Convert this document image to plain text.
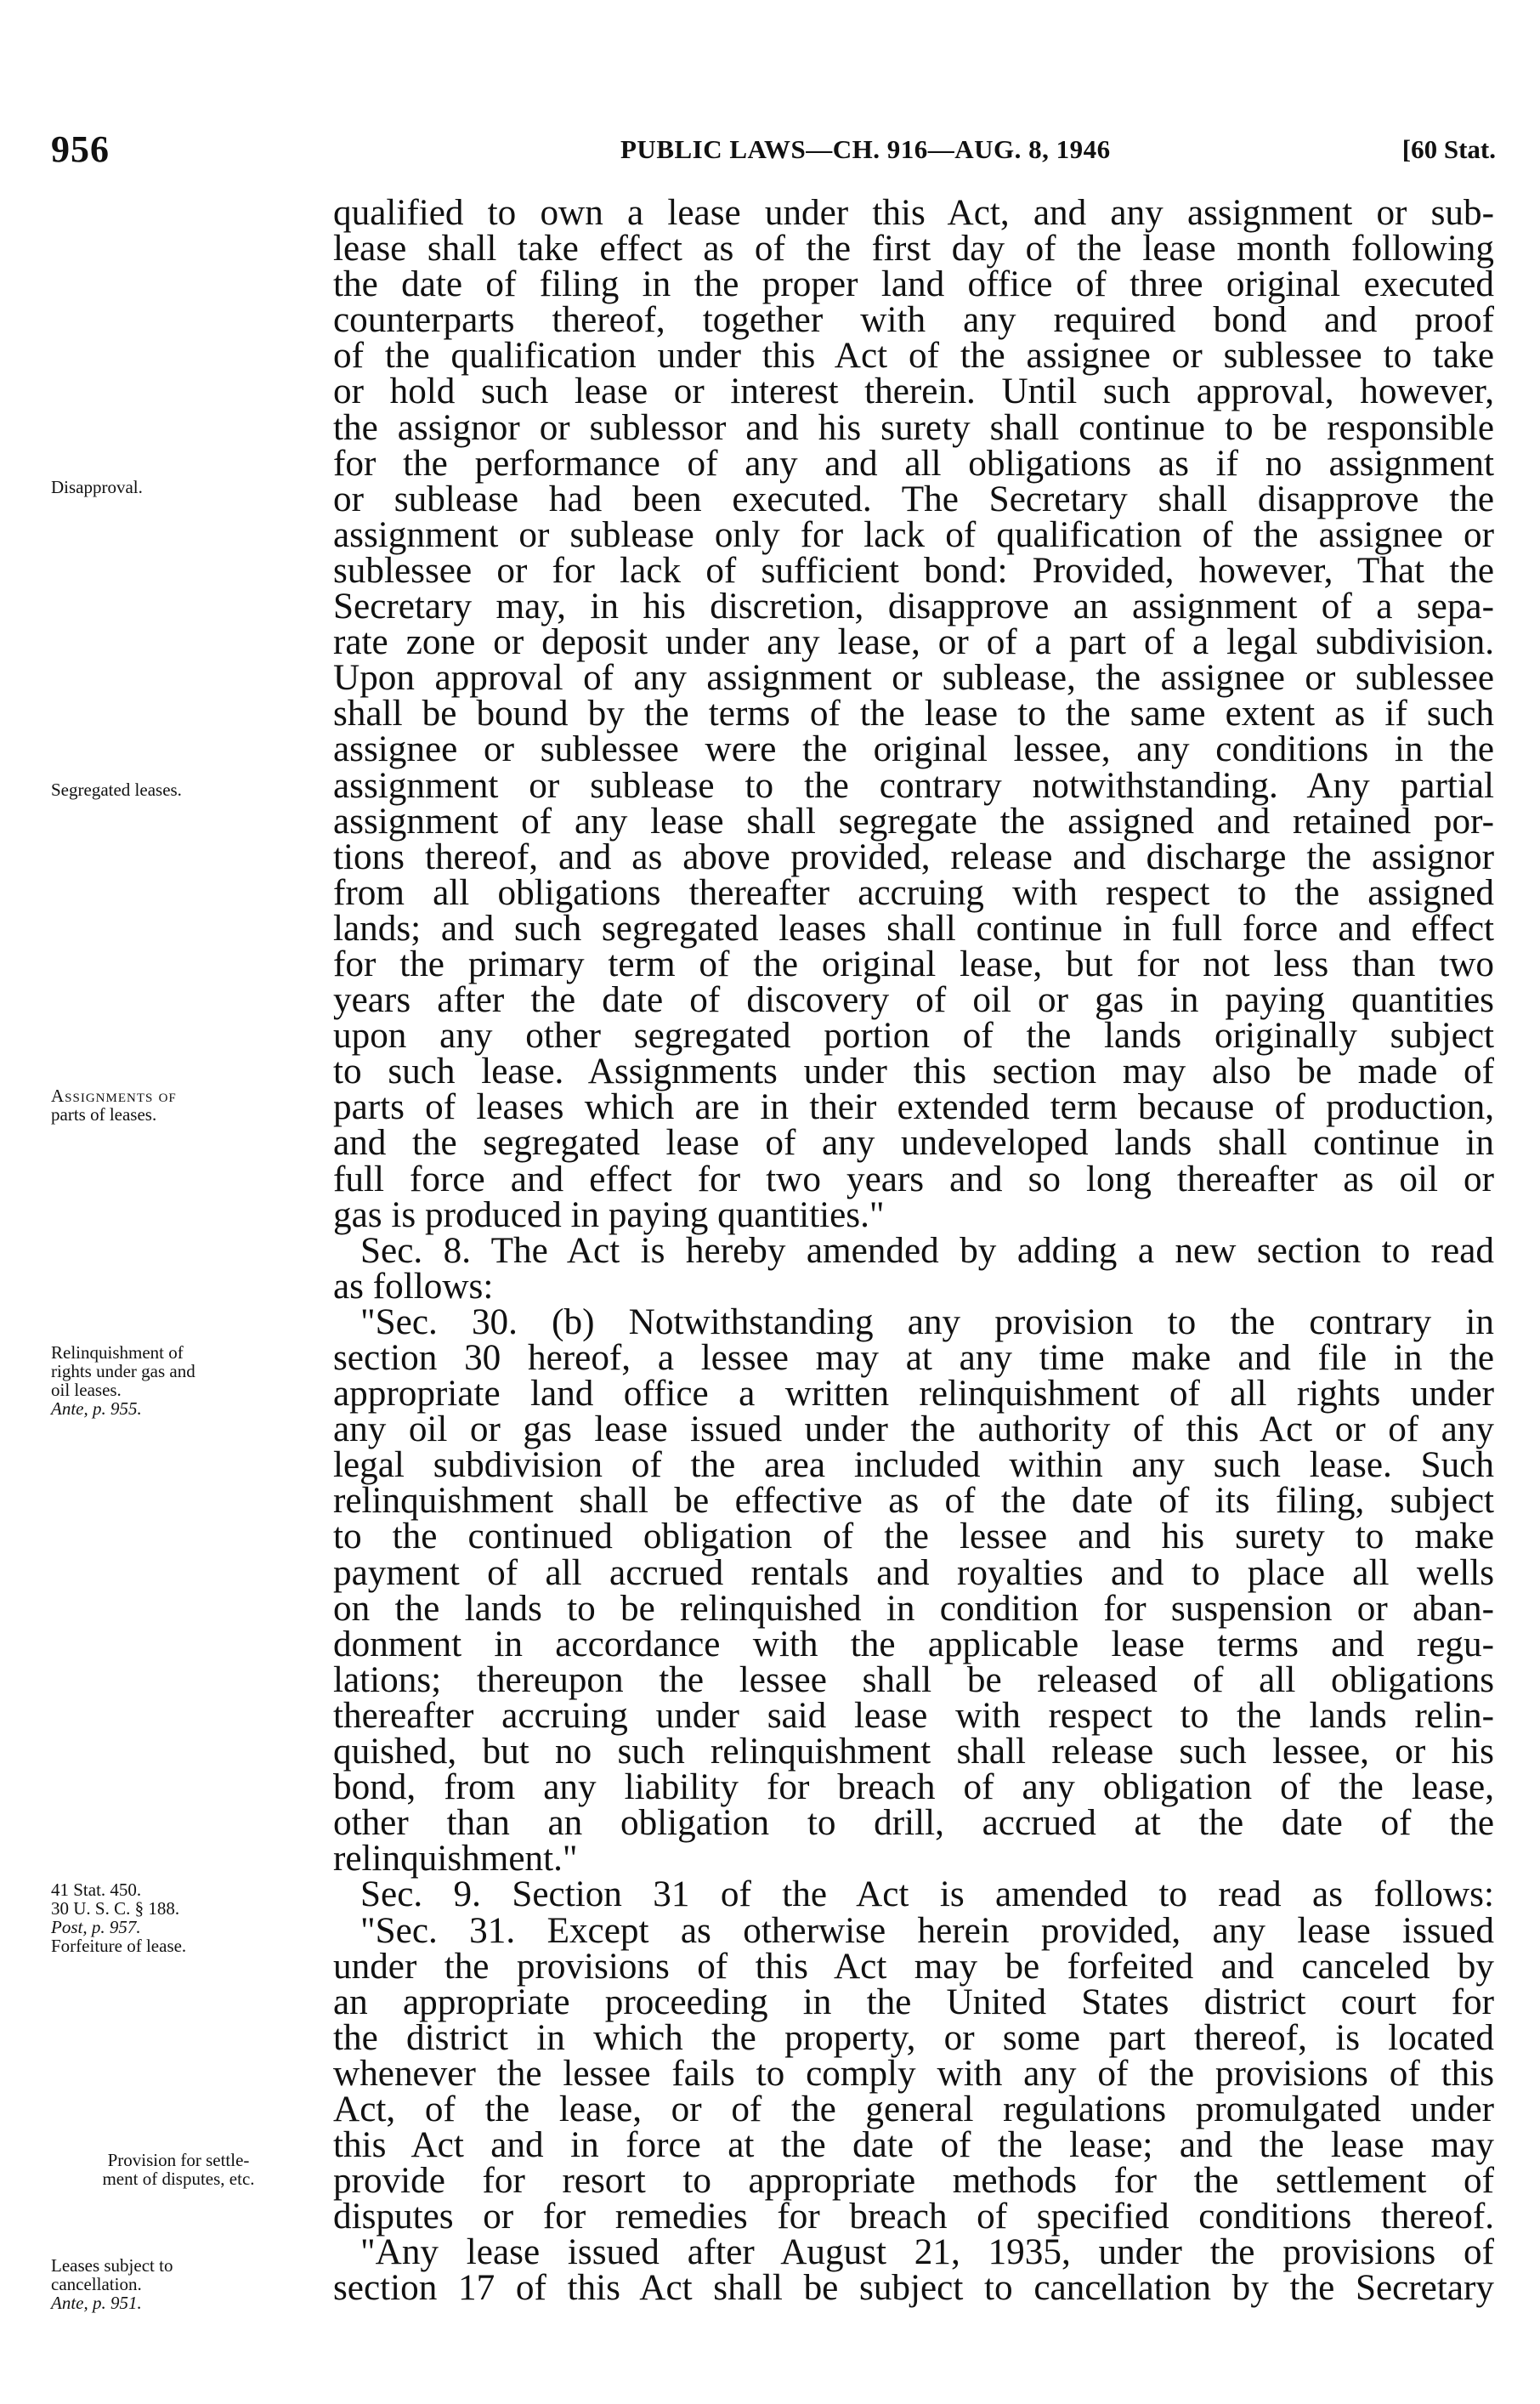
956	PUBLIC LAWS—CH. 916—AUG. 8, 1946	[60 Stat.
qualified to own a lease under this Act, and any assignment or sub-
lease shall take effect as of the first day of the lease month following
the date of filing in the proper land office of three original executed
counterparts thereof, together with any required bond and proof
of the qualification under this Act of the assignee or sublessee to take
or hold such lease or interest therein. Until such approval, however,
the assignor or sublessor and his surety shall continue to be responsible
for the performance of any and all obligations as if no assignment
or sublease had been executed. The Secretary shall disapprove the
assignment or sublease only for lack of qualification of the assignee or
sublessee or for lack of sufficient bond: Provided, however, That the
Secretary may, in his discretion, disapprove an assignment of a sepa-
rate zone or deposit under any lease, or of a part of a legal subdivision.
Upon approval of any assignment or sublease, the assignee or sublessee
shall be bound by the terms of the lease to the same extent as if such
assignee or sublessee were the original lessee, any conditions in the
assignment or sublease to the contrary notwithstanding. Any partial
assignment of any lease shall segregate the assigned and retained por-
tions thereof, and as above provided, release and discharge the assignor
from all obligations thereafter accruing with respect to the assigned
lands; and such segregated leases shall continue in full force and effect
for the primary term of the original lease, but for not less than two
years after the date of discovery of oil or gas in paying quantities
upon any other segregated portion of the lands originally subject
to such lease. Assignments under this section may also be made of
parts of leases which are in their extended term because of production,
and the segregated lease of any undeveloped lands shall continue in
full force and effect for two years and so long thereafter as oil or
gas is produced in paying quantities."
Sec. 8. The Act is hereby amended by adding a new section to read
as follows:
"Sec. 30. (b) Notwithstanding any provision to the contrary in
section 30 hereof, a lessee may at any time make and file in the
appropriate land office a written relinquishment of all rights under
any oil or gas lease issued under the authority of this Act or of any
legal subdivision of the area included within any such lease. Such
relinquishment shall be effective as of the date of its filing, subject
to the continued obligation of the lessee and his surety to make
payment of all accrued rentals and royalties and to place all wells
on the lands to be relinquished in condition for suspension or aban-
donment in accordance with the applicable lease terms and regu-
lations; thereupon the lessee shall be released of all obligations
thereafter accruing under said lease with respect to the lands relin-
quished, but no such relinquishment shall release such lessee, or his
bond, from any liability for breach of any obligation of the lease,
other than an obligation to drill, accrued at the date of the
relinquishment."
Sec. 9. Section 31 of the Act is amended to read as follows:
"Sec. 31. Except as otherwise herein provided, any lease issued
under the provisions of this Act may be forfeited and canceled by
an appropriate proceeding in the United States district court for
the district in which the property, or some part thereof, is located
whenever the lessee fails to comply with any of the provisions of this
Act, of the lease, or of the general regulations promulgated under
this Act and in force at the date of the lease; and the lease may
provide for resort to appropriate methods for the settlement of
disputes or for remedies for breach of specified conditions thereof.
"Any lease issued after August 21, 1935, under the provisions of
section 17 of this Act shall be subject to cancellation by the Secretary
Disapproval.
Segregated leases.
Assignments of
parts of leases.
Relinquishment of
rights under gas and
oil leases.
Ante, p. 955.
41 Stat. 450.
30 U. S. C. § 188.
Post, p. 957.
Forfeiture of lease.
Provision for settle-
ment of disputes, etc.
Leases subject to
cancellation.
Ante, p. 951.
